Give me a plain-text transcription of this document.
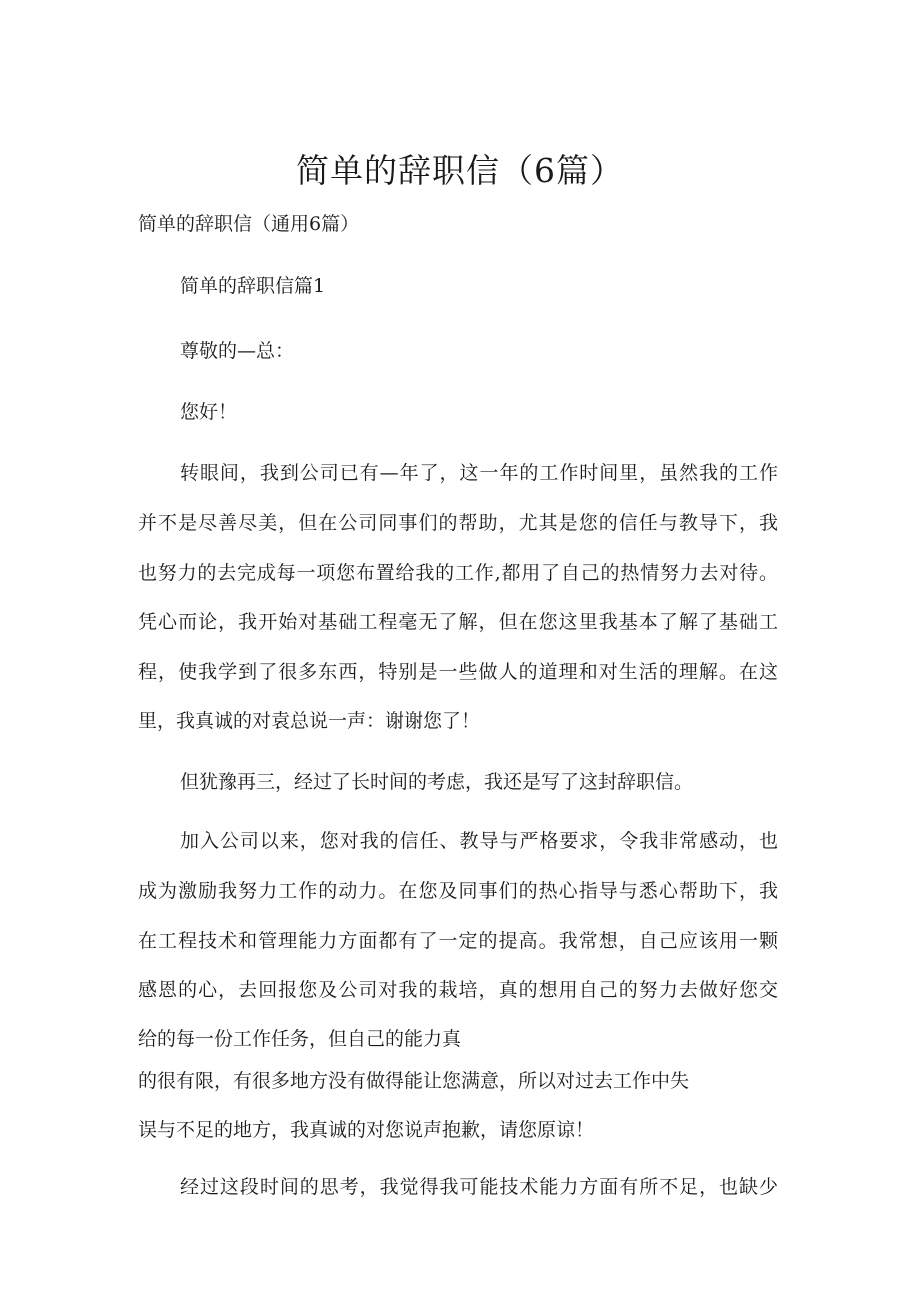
简单的辞职信（6篇）
简单的辞职信（通用6篇）
简单的辞职信篇1
尊敬的—总：
您好！
转眼间，我到公司已有—年了，这一年的工作时间里，虽然我的工作
并不是尽善尽美，但在公司同事们的帮助，尤其是您的信任与教导下，我
也努力的去完成每一项您布置给我的工作,都用了自己的热情努力去对待。
凭心而论，我开始对基础工程毫无了解，但在您这里我基本了解了基础工
程，使我学到了很多东西，特别是一些做人的道理和对生活的理解。在这
里，我真诚的对袁总说一声：谢谢您了！
但犹豫再三，经过了长时间的考虑，我还是写了这封辞职信。
加入公司以来，您对我的信任、教导与严格要求，令我非常感动，也
成为激励我努力工作的动力。在您及同事们的热心指导与悉心帮助下，我
在工程技术和管理能力方面都有了一定的提高。我常想，自己应该用一颗
感恩的心，去回报您及公司对我的栽培，真的想用自己的努力去做好您交
给的每一份工作任务，但自己的能力真
的很有限，有很多地方没有做得能让您满意，所以对过去工作中失
误与不足的地方，我真诚的对您说声抱歉，请您原谅！
经过这段时间的思考，我觉得我可能技术能力方面有所不足，也缺少
